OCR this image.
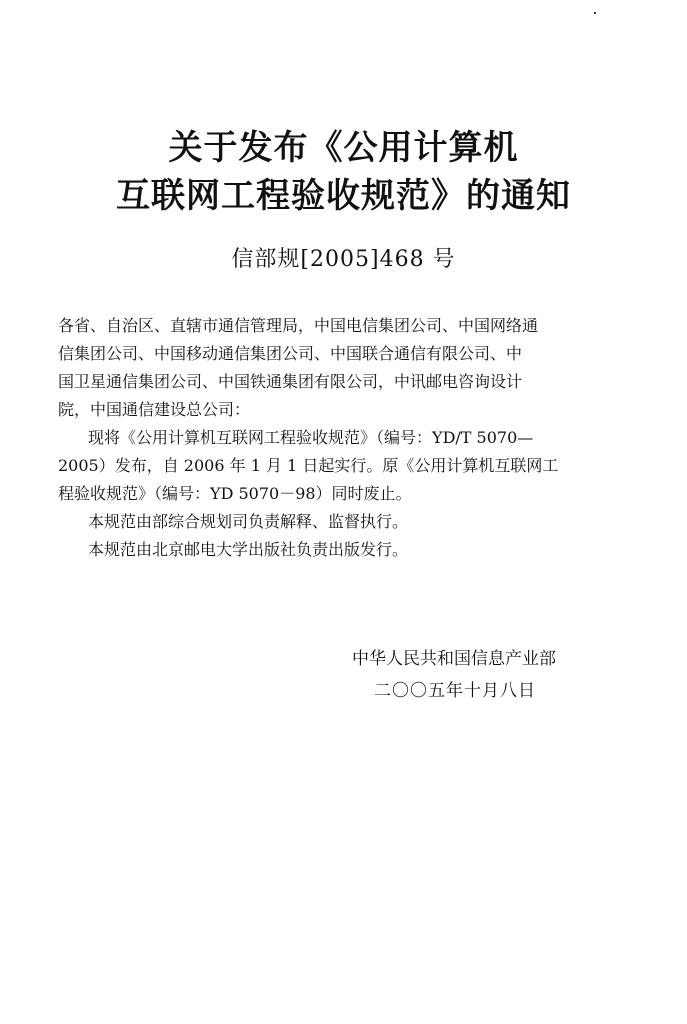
关于发布《公用计算机
互联网工程验收规范》的通知
信部规[2005]468 号
各省、自治区、直辖市通信管理局，中国电信集团公司、中国网络通
信集团公司、中国移动通信集团公司、中国联合通信有限公司、中
国卫星通信集团公司、中国铁通集团有限公司，中讯邮电咨询设计
院，中国通信建设总公司：
现将《公用计算机互联网工程验收规范》（编号：YD/T 5070—
2005）发布，自 2006 年 1 月 1 日起实行。原《公用计算机互联网工
程验收规范》（编号：YD 5070－98）同时废止。
本规范由部综合规划司负责解释、监督执行。
本规范由北京邮电大学出版社负责出版发行。
中华人民共和国信息产业部
二〇〇五年十月八日
